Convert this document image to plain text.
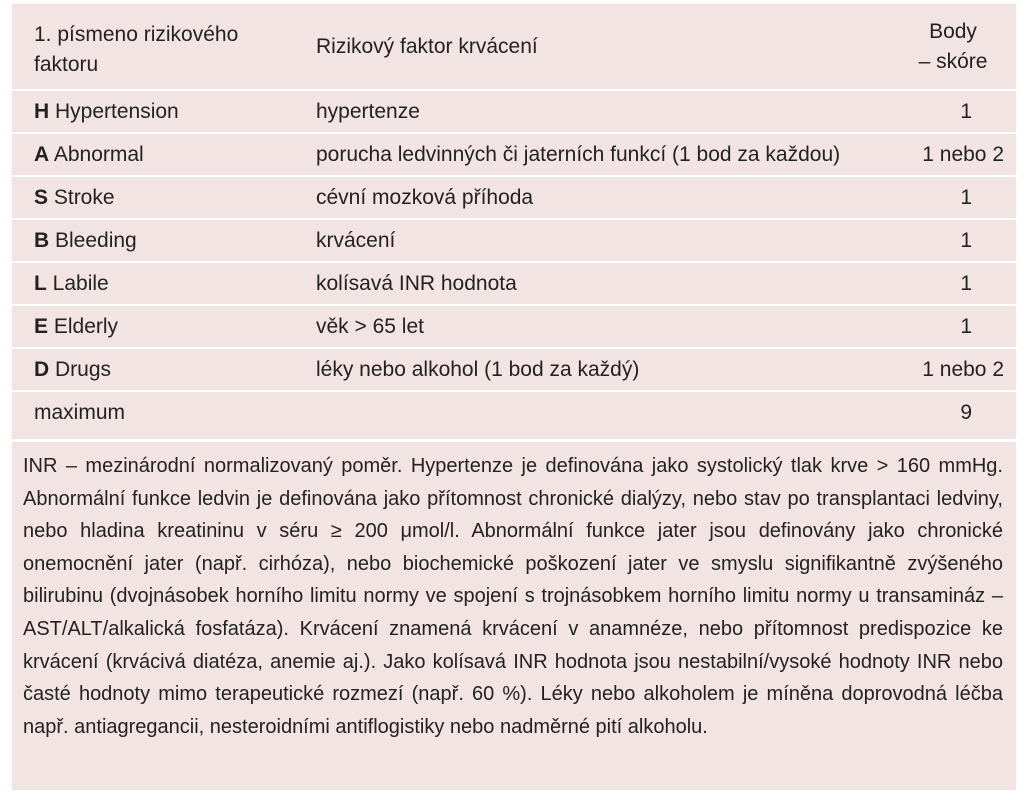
1. písmeno rizikového
faktoru	Rizikový faktor krvácení	Body
– skóre
H Hypertension	hypertenze	1
A Abnormal	porucha ledvinných či jaterních funkcí (1 bod za každou)	1 nebo 2
S Stroke	cévní mozková příhoda	1
B Bleeding	krvácení	1
L Labile	kolísavá INR hodnota	1
E Elderly	věk > 65 let	1
D Drugs	léky nebo alkohol (1 bod za každý)	1 nebo 2
maximum		9

INR – mezinárodní normalizovaný poměr. Hypertenze je definována jako systolický tlak krve > 160 mmHg. Abnormální funkce ledvin je definována jako přítomnost chronické dialýzy, nebo stav po transplantaci ledviny, nebo hladina kreatininu v séru ≥ 200 μmol/l. Abnormální funkce jater jsou definovány jako chronické onemocnění jater (např. cirhóza), nebo biochemické poškození jater ve smyslu signifikantně zvýšeného bilirubinu (dvojnásobek horního limitu normy ve spojení s trojnásobkem horního limitu normy u transamináz – AST/ALT/alkalická fosfatáza). Krvácení znamená krvácení v anamnéze, nebo přítomnost predispozice ke krvácení (krvácivá diatéza, anemie aj.). Jako kolísavá INR hodnota jsou nestabilní/vysoké hodnoty INR nebo časté hodnoty mimo terapeutické rozmezí (např. 60 %). Léky nebo alkoholem je míněna doprovodná léčba např. antiagregancii, nesteroidními antiflogistiky nebo nadměrné pití alkoholu.
